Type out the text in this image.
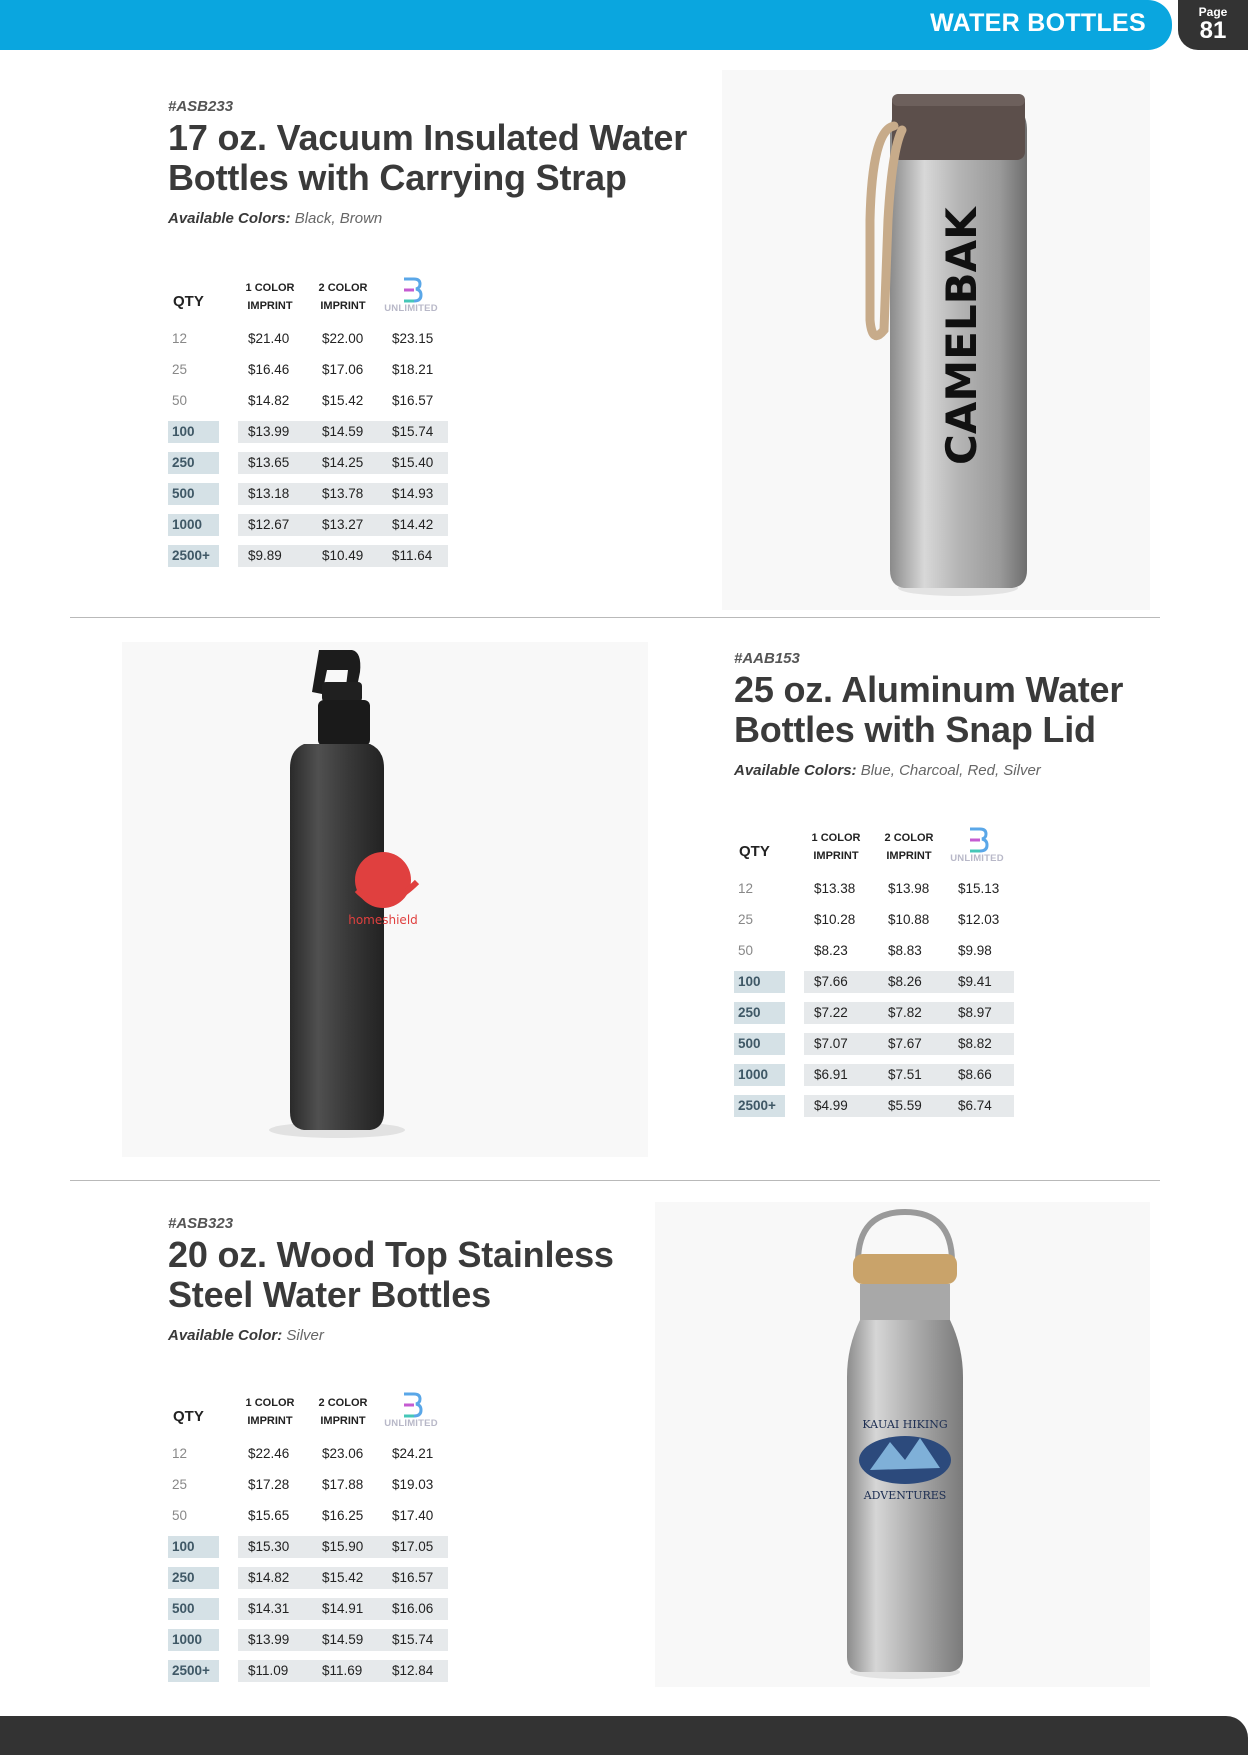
WATER BOTTLES	Page
81
#ASB233
17 oz. Vacuum Insulated Water
Bottles with Carrying Strap
Available Colors: Black, Brown
QTY
1 COLOR
IMPRINT
2 COLOR
IMPRINT	UNLIMITED
12	$21.40 $22.00 $23.15
25	$16.46 $17.06 $18.21
50	$14.82 $15.42 $16.57
100	$13.99 $14.59 $15.74
250	$13.65 $14.25 $15.40
500	$13.18 $13.78 $14.93
1000	$12.67 $13.27 $14.42
2500+	$9.89	$10.49 $11.64
CAMELBAK
homeshield
#AAB153
25 oz. Aluminum Water
Bottles with Snap Lid
Available Colors: Blue, Charcoal, Red, Silver
QTY
1 COLOR
IMPRINT
2 COLOR
IMPRINT	UNLIMITED
12	$13.38 $13.98 $15.13
25	$10.28 $10.88 $12.03
50	$8.23	$8.83	$9.98
100	$7.66	$8.26	$9.41
250	$7.22	$7.82	$8.97
500	$7.07	$7.67	$8.82
1000	$6.91	$7.51	$8.66
2500+	$4.99	$5.59	$6.74
#ASB323
20 oz. Wood Top Stainless
Steel Water Bottles
Available Color: Silver
QTY
1 COLOR
IMPRINT
2 COLOR
IMPRINT	UNLIMITED
12	$22.46 $23.06 $24.21
25	$17.28 $17.88 $19.03
50	$15.65 $16.25 $17.40
100	$15.30 $15.90 $17.05
250	$14.82 $15.42 $16.57
500	$14.31 $14.91 $16.06
1000	$13.99 $14.59 $15.74
2500+	$11.09 $11.69 $12.84
KAUAI HIKING
ADVENTURES
